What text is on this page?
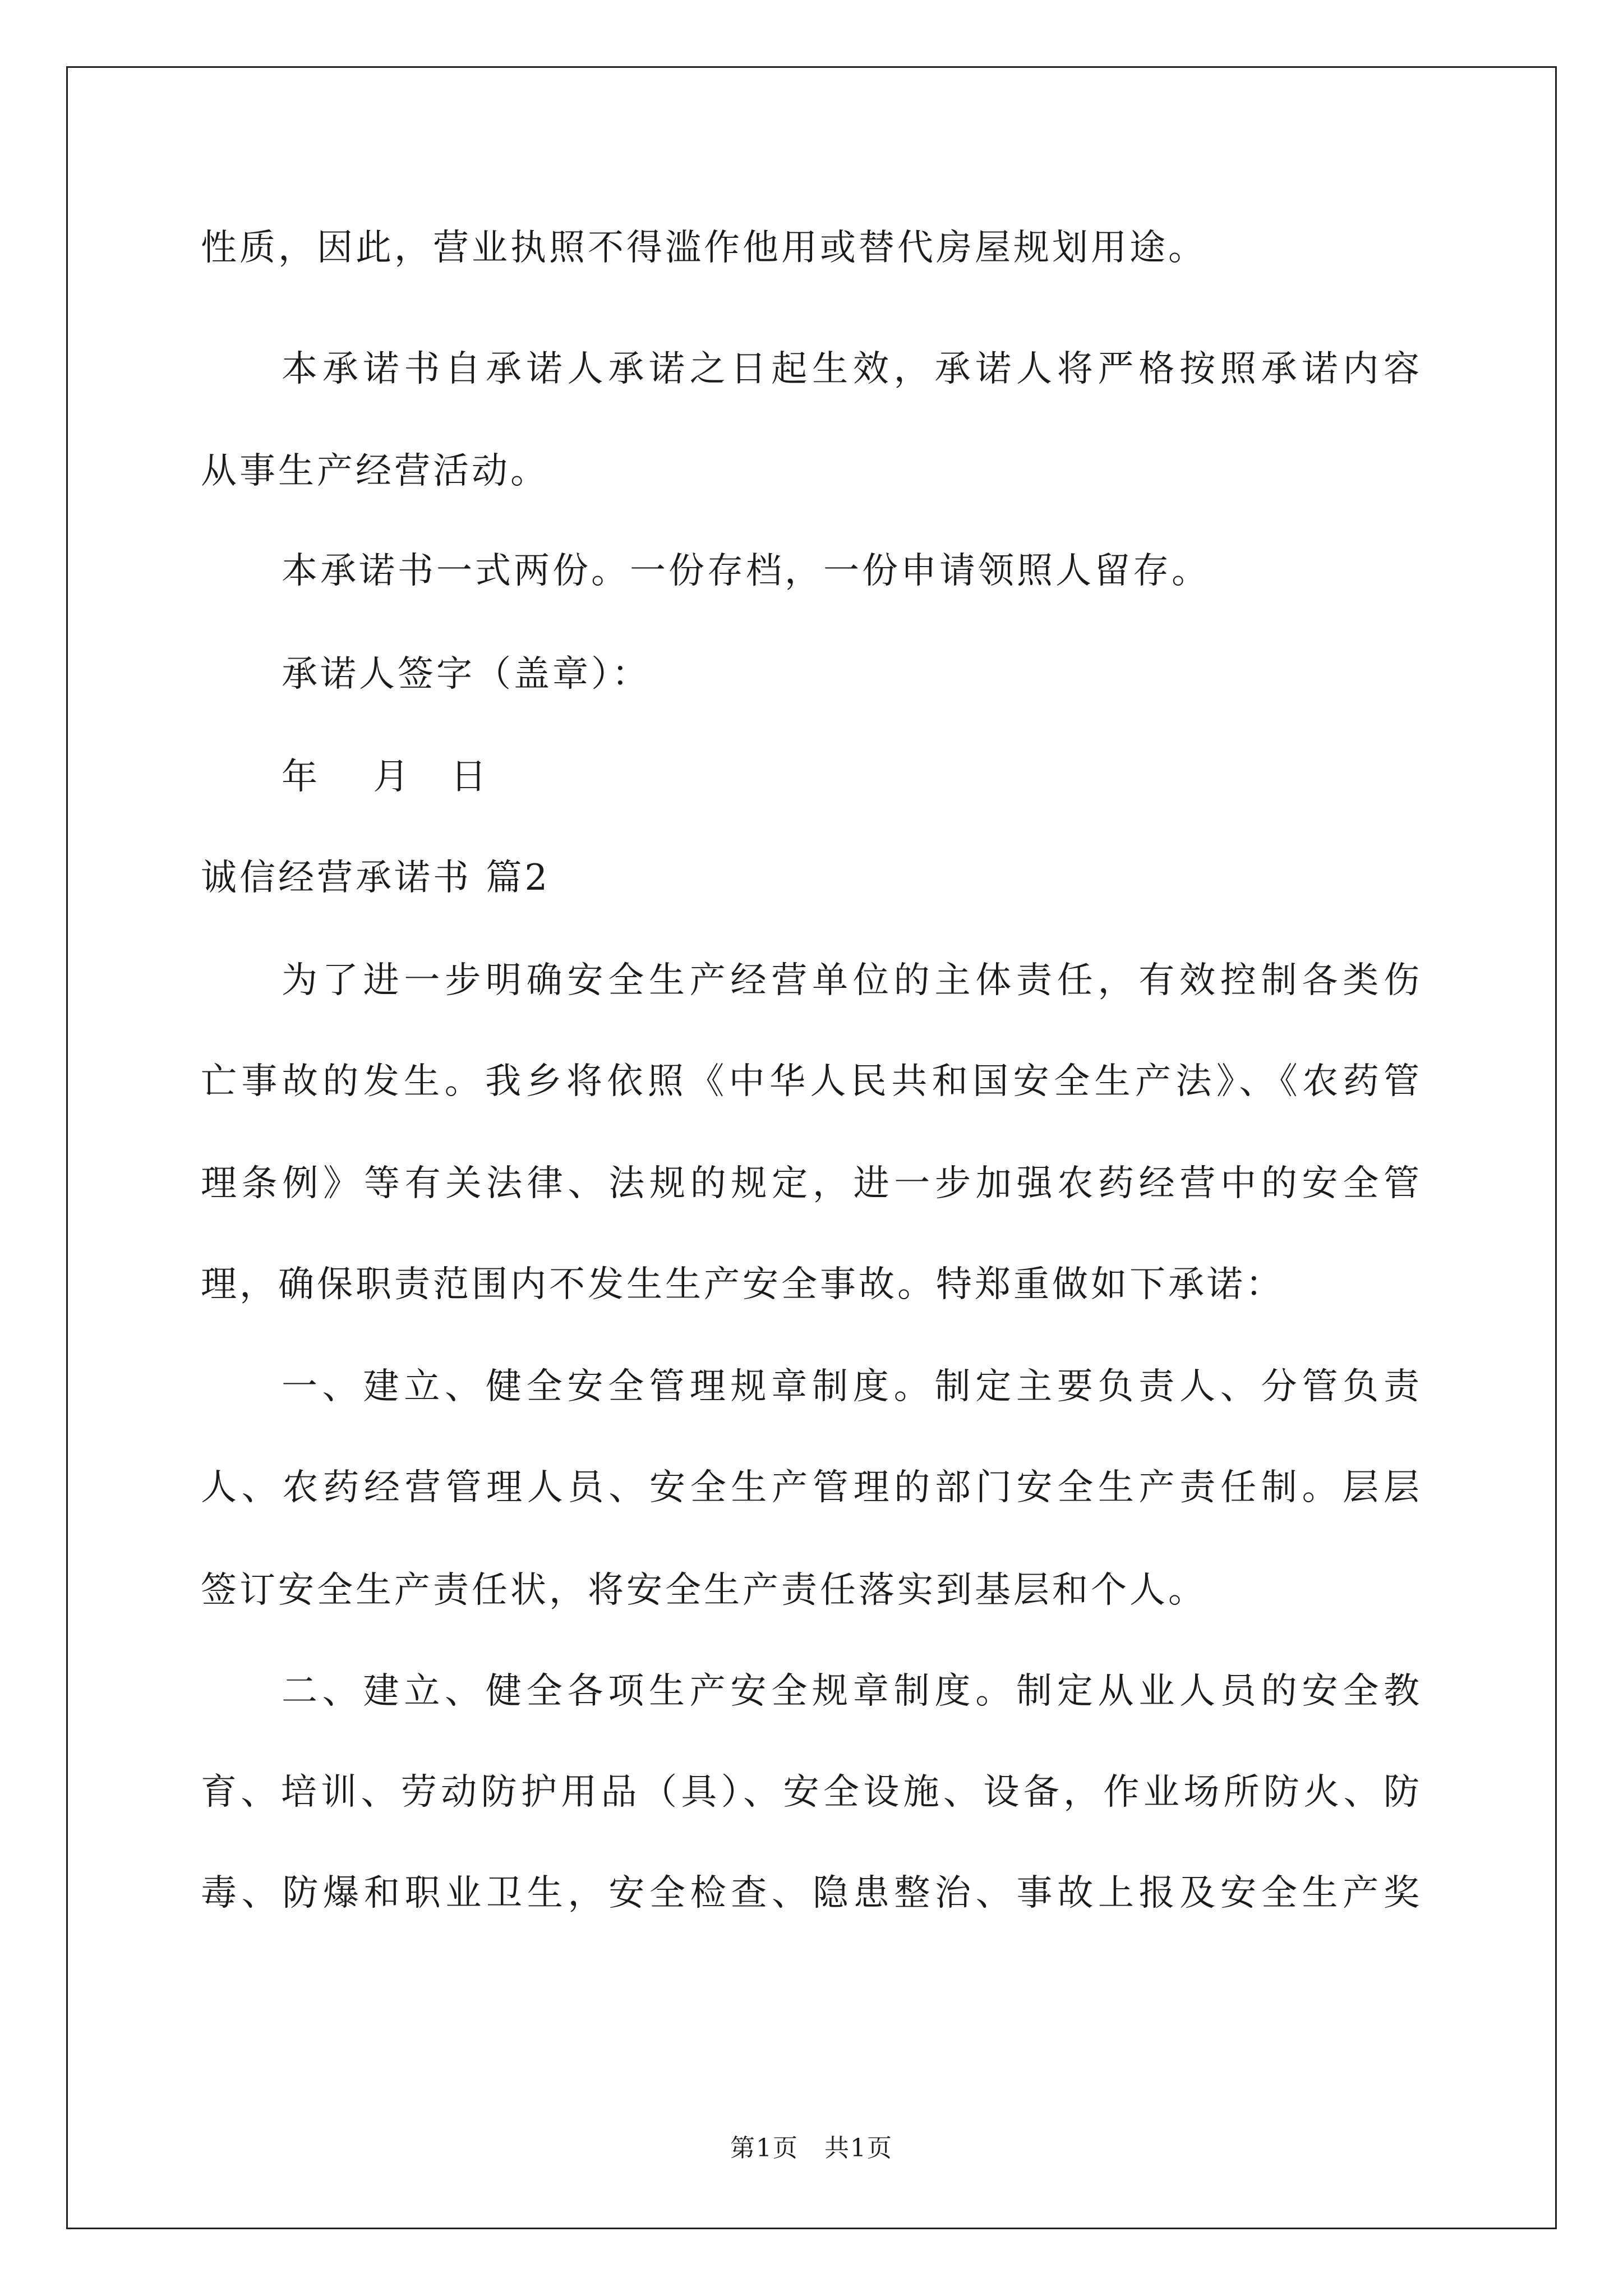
性质，因此，营业执照不得滥作他用或替代房屋规划用途。
本承诺书自承诺人承诺之日起生效，承诺人将严格按照承诺内容
从事生产经营活动。
本承诺书一式两份。一份存档，一份申请领照人留存。
承诺人签字（盖章）：
年　 月　日
诚信经营承诺书 篇2
为了进一步明确安全生产经营单位的主体责任，有效控制各类伤
亡事故的发生。我乡将依照《中华人民共和国安全生产法》、《农药管
理条例》等有关法律、法规的规定，进一步加强农药经营中的安全管
理，确保职责范围内不发生生产安全事故。特郑重做如下承诺：
一、建立、健全安全管理规章制度。制定主要负责人、分管负责
人、农药经营管理人员、安全生产管理的部门安全生产责任制。层层
签订安全生产责任状，将安全生产责任落实到基层和个人。
二、建立、健全各项生产安全规章制度。制定从业人员的安全教
育、培训、劳动防护用品（具）、安全设施、设备，作业场所防火、防
毒、防爆和职业卫生，安全检查、隐患整治、事故上报及安全生产奖
第1页　共1页
